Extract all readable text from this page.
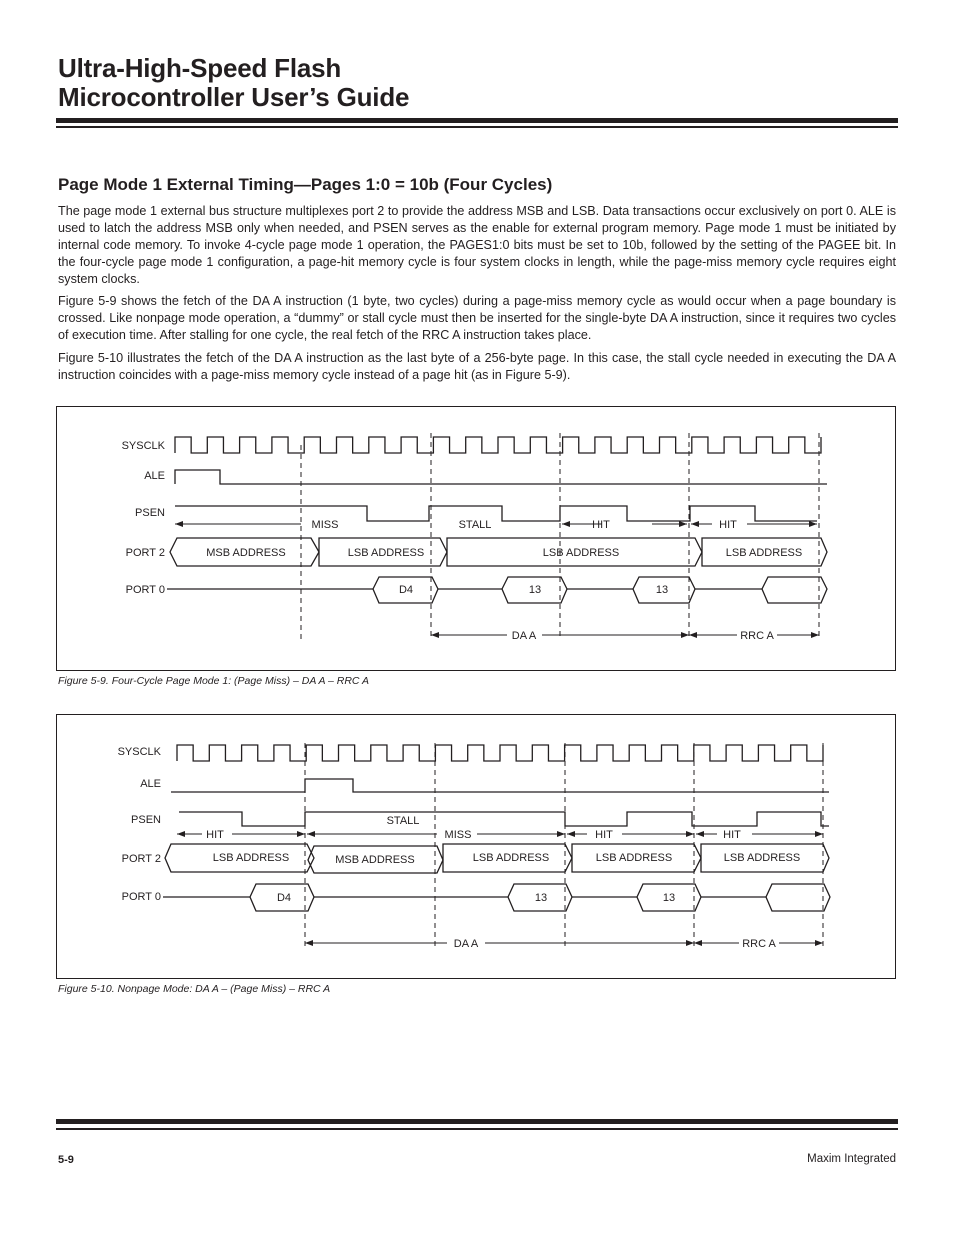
Ultra-High-Speed Flash
Microcontroller User’s Guide
Page Mode 1 External Timing—Pages 1:0 = 10b (Four Cycles)

The page mode 1 external bus structure multiplexes port 2 to provide the address MSB and LSB. Data transactions occur exclusively on port 0. ALE is used to latch the address MSB only when needed, and PSEN serves as the enable for external program memory. Page mode 1 must be initiated by internal code memory. To invoke 4-cycle page mode 1 operation, the PAGES1:0 bits must be set to 10b, followed by the setting of the PAGEE bit. In the four-cycle page mode 1 configuration, a page-hit memory cycle is four system clocks in length, while the page-miss memory cycle requires eight system clocks.

Figure 5-9 shows the fetch of the DA A instruction (1 byte, two cycles) during a page-miss memory cycle as would occur when a page boundary is crossed. Like nonpage mode operation, a “dummy” or stall cycle must then be inserted for the single-byte DA A instruction, since it requires two cycles of execution time. After stalling for one cycle, the real fetch of the RRC A instruction takes place.

Figure 5-10 illustrates the fetch of the DA A instruction as the last byte of a 256-byte page. In this case, the stall cycle needed in executing the DA A instruction coincides with a page-miss memory cycle instead of a page hit (as in Figure 5-9).

SYSCLK
ALE
PSEN
PORT 2
PORT 0
MISS	STALL	HIT	HIT
MSB ADDRESS	LSB ADDRESS	LSB ADDRESS	LSB ADDRESS
D4	13	13
DA A	RRC A

Figure 5-9. Four-Cycle Page Mode 1: (Page Miss) – DA A – RRC A

SYSCLK
ALE
PSEN
PORT 2
PORT 0
HIT
STALL
MISS	HIT	HIT
LSB ADDRESS	MSB ADDRESS	LSB ADDRESS	LSB ADDRESS	LSB ADDRESS
D4	13	13
DA A	RRC A

Figure 5-10. Nonpage Mode: DA A – (Page Miss) – RRC A

5-9	Maxim Integrated
